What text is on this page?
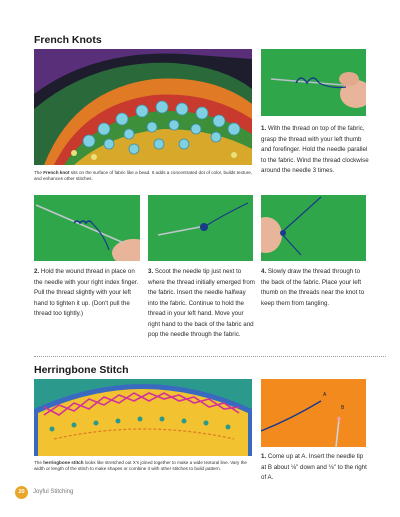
French Knots
The French knot sits on the surface of fabric like a bead. It adds a concentrated dot of color, builds texture, and enhances other stitches.
1. With the thread on top of the fabric, grasp the thread with your left thumb and forefinger. Hold the needle parallel to the fabric. Wind the thread clockwise around the needle 3 times.
2. Hold the wound thread in place on the needle with your right index finger. Pull the thread slightly with your left hand to tighten it up. (Don't pull the thread too tightly.)
3. Scoot the needle tip just next to where the thread initially emerged from the fabric. Insert the needle halfway into the fabric. Continue to hold the thread in your left hand. Move your right hand to the back of the fabric and pop the needle through the fabric.
4. Slowly draw the thread through to the back of the fabric. Place your left thumb on the threads near the knot to keep them from tangling.
Herringbone Stitch
The herringbone stitch looks like stretched out X's joined together to make a wide textural line. Vary the width or length of the stitch to make shapes or combine it with other stitches to build pattern.
A
B
1. Come up at A. Insert the needle tip at B about ⅛" down and ⅛" to the right of A.
20	Joyful Stitching
